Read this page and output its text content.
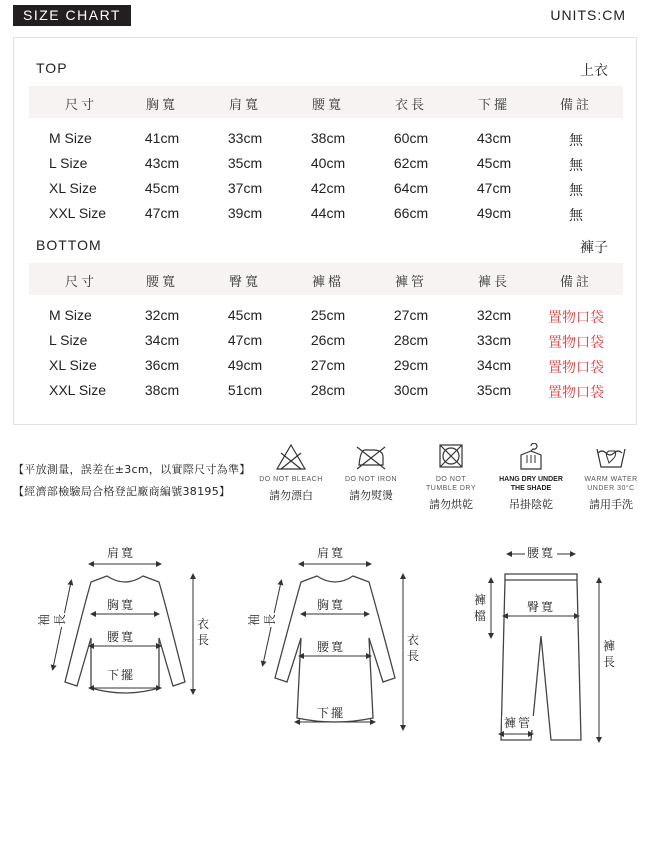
SIZE CHART	UNITS:CM
TOP	上衣
尺寸	胸寬	肩寬	腰寬	衣長	下擺	備註
M Size	41cm	33cm	38cm	60cm	43cm	無
L Size	43cm	35cm	40cm	62cm	45cm	無
XL Size	45cm	37cm	42cm	64cm	47cm	無
XXL Size	47cm	39cm	44cm	66cm	49cm	無
BOTTOM	褲子
尺寸	腰寬	臀寬	褲檔	褲管	褲長	備註
M Size	32cm	45cm	25cm	27cm	32cm	置物口袋
L Size	34cm	47cm	26cm	28cm	33cm	置物口袋
XL Size	36cm	49cm	27cm	29cm	34cm	置物口袋
XXL Size	38cm	51cm	28cm	30cm	35cm	置物口袋
【平放測量，誤差在±3cm，以實際尺寸為準】
【經濟部檢驗局合格登記廠商編號38195】
DO NOT BLEACH
請勿漂白
DO NOT IRON
請勿熨燙
DO NOT
TUMBLE DRY
請勿烘乾
HANG DRY UNDER
THE SHADE
吊掛陰乾
WARM WATER
UNDER 30°C
請用手洗
肩寬
胸寬
腰寬
下擺
袖長	衣長
肩寬
胸寬
腰寬
下擺
袖長
衣長
腰寬
臀寬
褲檔
褲管
褲長
